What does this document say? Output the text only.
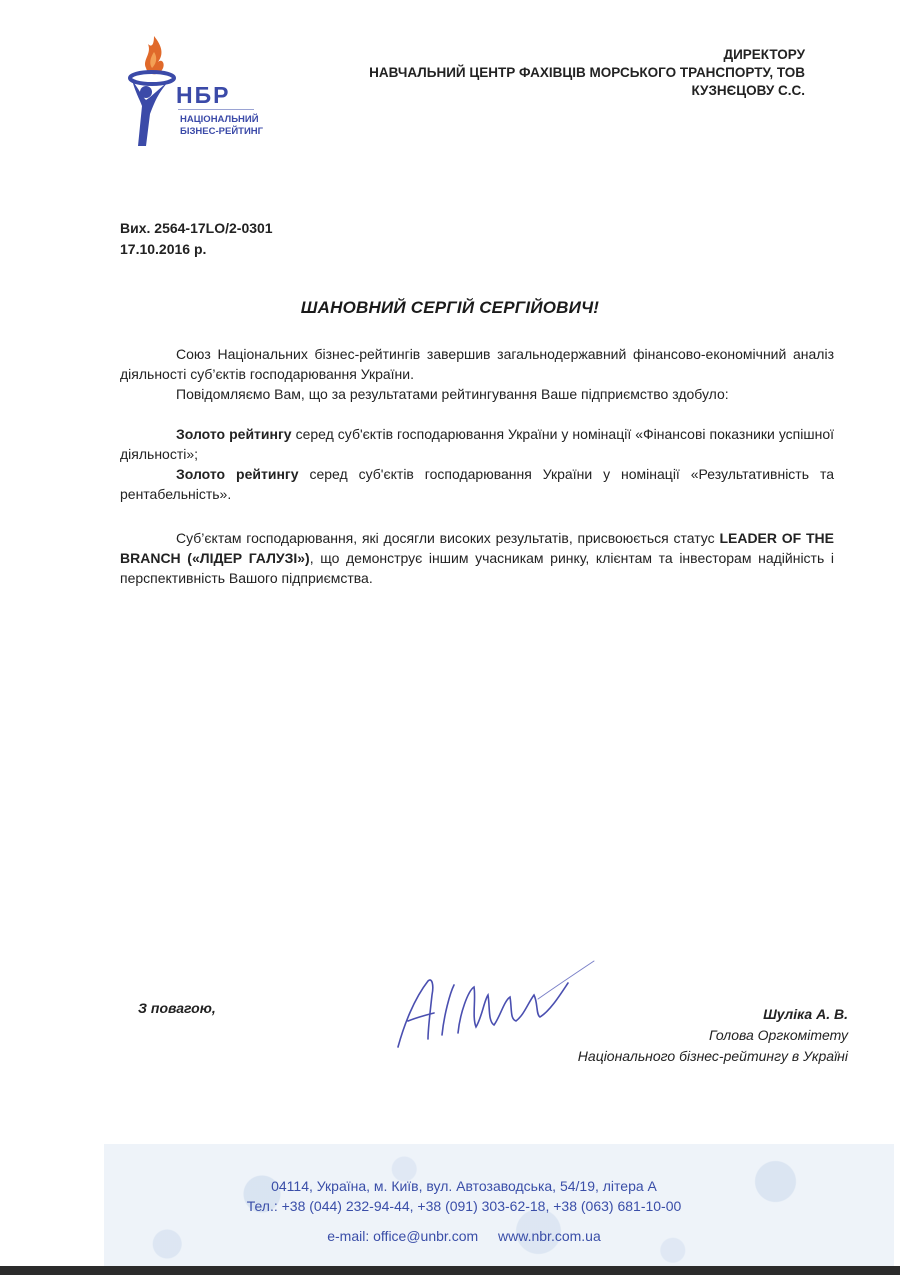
НБР
НАЦІОНАЛЬНИЙ
БІЗНЕС-РЕЙТИНГ
ДИРЕКТОРУ
НАВЧАЛЬНИЙ ЦЕНТР ФАХІВЦІВ МОРСЬКОГО ТРАНСПОРТУ, ТОВ
КУЗНЄЦОВУ С.С.
Вих. 2564-17LO/2-0301
17.10.2016 р.
ШАНОВНИЙ СЕРГІЙ СЕРГІЙОВИЧ!

Союз Національних бізнес-рейтингів завершив загальнодержавний фінансово-економічний аналіз діяльності суб’єктів господарювання України.

Повідомляємо Вам, що за результатами рейтингування Ваше підприємство здобуло:

Золото рейтингу серед суб'єктів господарювання України у номінації «Фінансові показники успішної діяльності»;

Золото рейтингу серед суб'єктів господарювання України у номінації «Результативність та рентабельність».

Суб’єктам господарювання, які досягли високих результатів, присвоюється статус LEADER OF THE BRANCH («ЛІДЕР ГАЛУЗІ»), що демонструє іншим учасникам ринку, клієнтам та інвесторам надійність і перспективність Вашого підприємства.

З повагою,	Шуліка А. В.
Голова Оргкомітету
Національного бізнес-рейтингу в Україні
04114, Україна, м. Київ, вул. Автозаводська, 54/19, літера А
Тел.: +38 (044) 232-94-44, +38 (091) 303-62-18, +38 (063) 681-10-00
e-mail: office@unbr.com www.nbr.com.ua
